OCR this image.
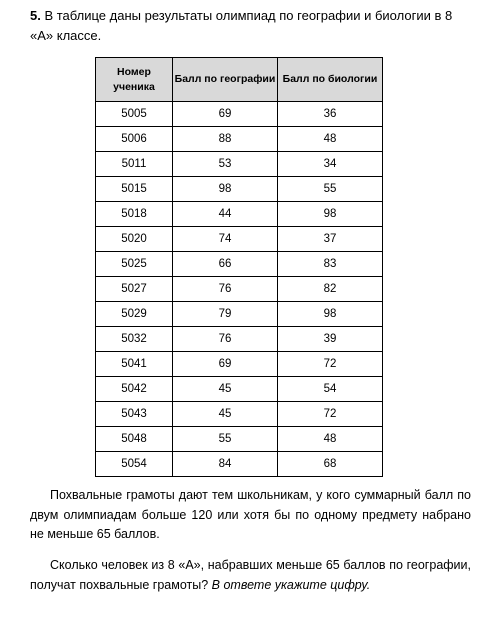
5. В таблице даны результаты олимпиад по географии и биологии в 8 «А» классе.
Номер ученика	Балл по географии	Балл по биологии
5005	69	36
5006	88	48
5011	53	34
5015	98	55
5018	44	98
5020	74	37
5025	66	83
5027	76	82
5029	79	98
5032	76	39
5041	69	72
5042	45	54
5043	45	72
5048	55	48
5054	84	68
Похвальные грамоты дают тем школьникам, у кого суммарный балл по двум олимпиадам больше 120 или хотя бы по одному предмету набрано не меньше 65 баллов.
Сколько человек из 8 «А», набравших меньше 65 баллов по географии, получат похвальные грамоты? В ответе укажите цифру.
